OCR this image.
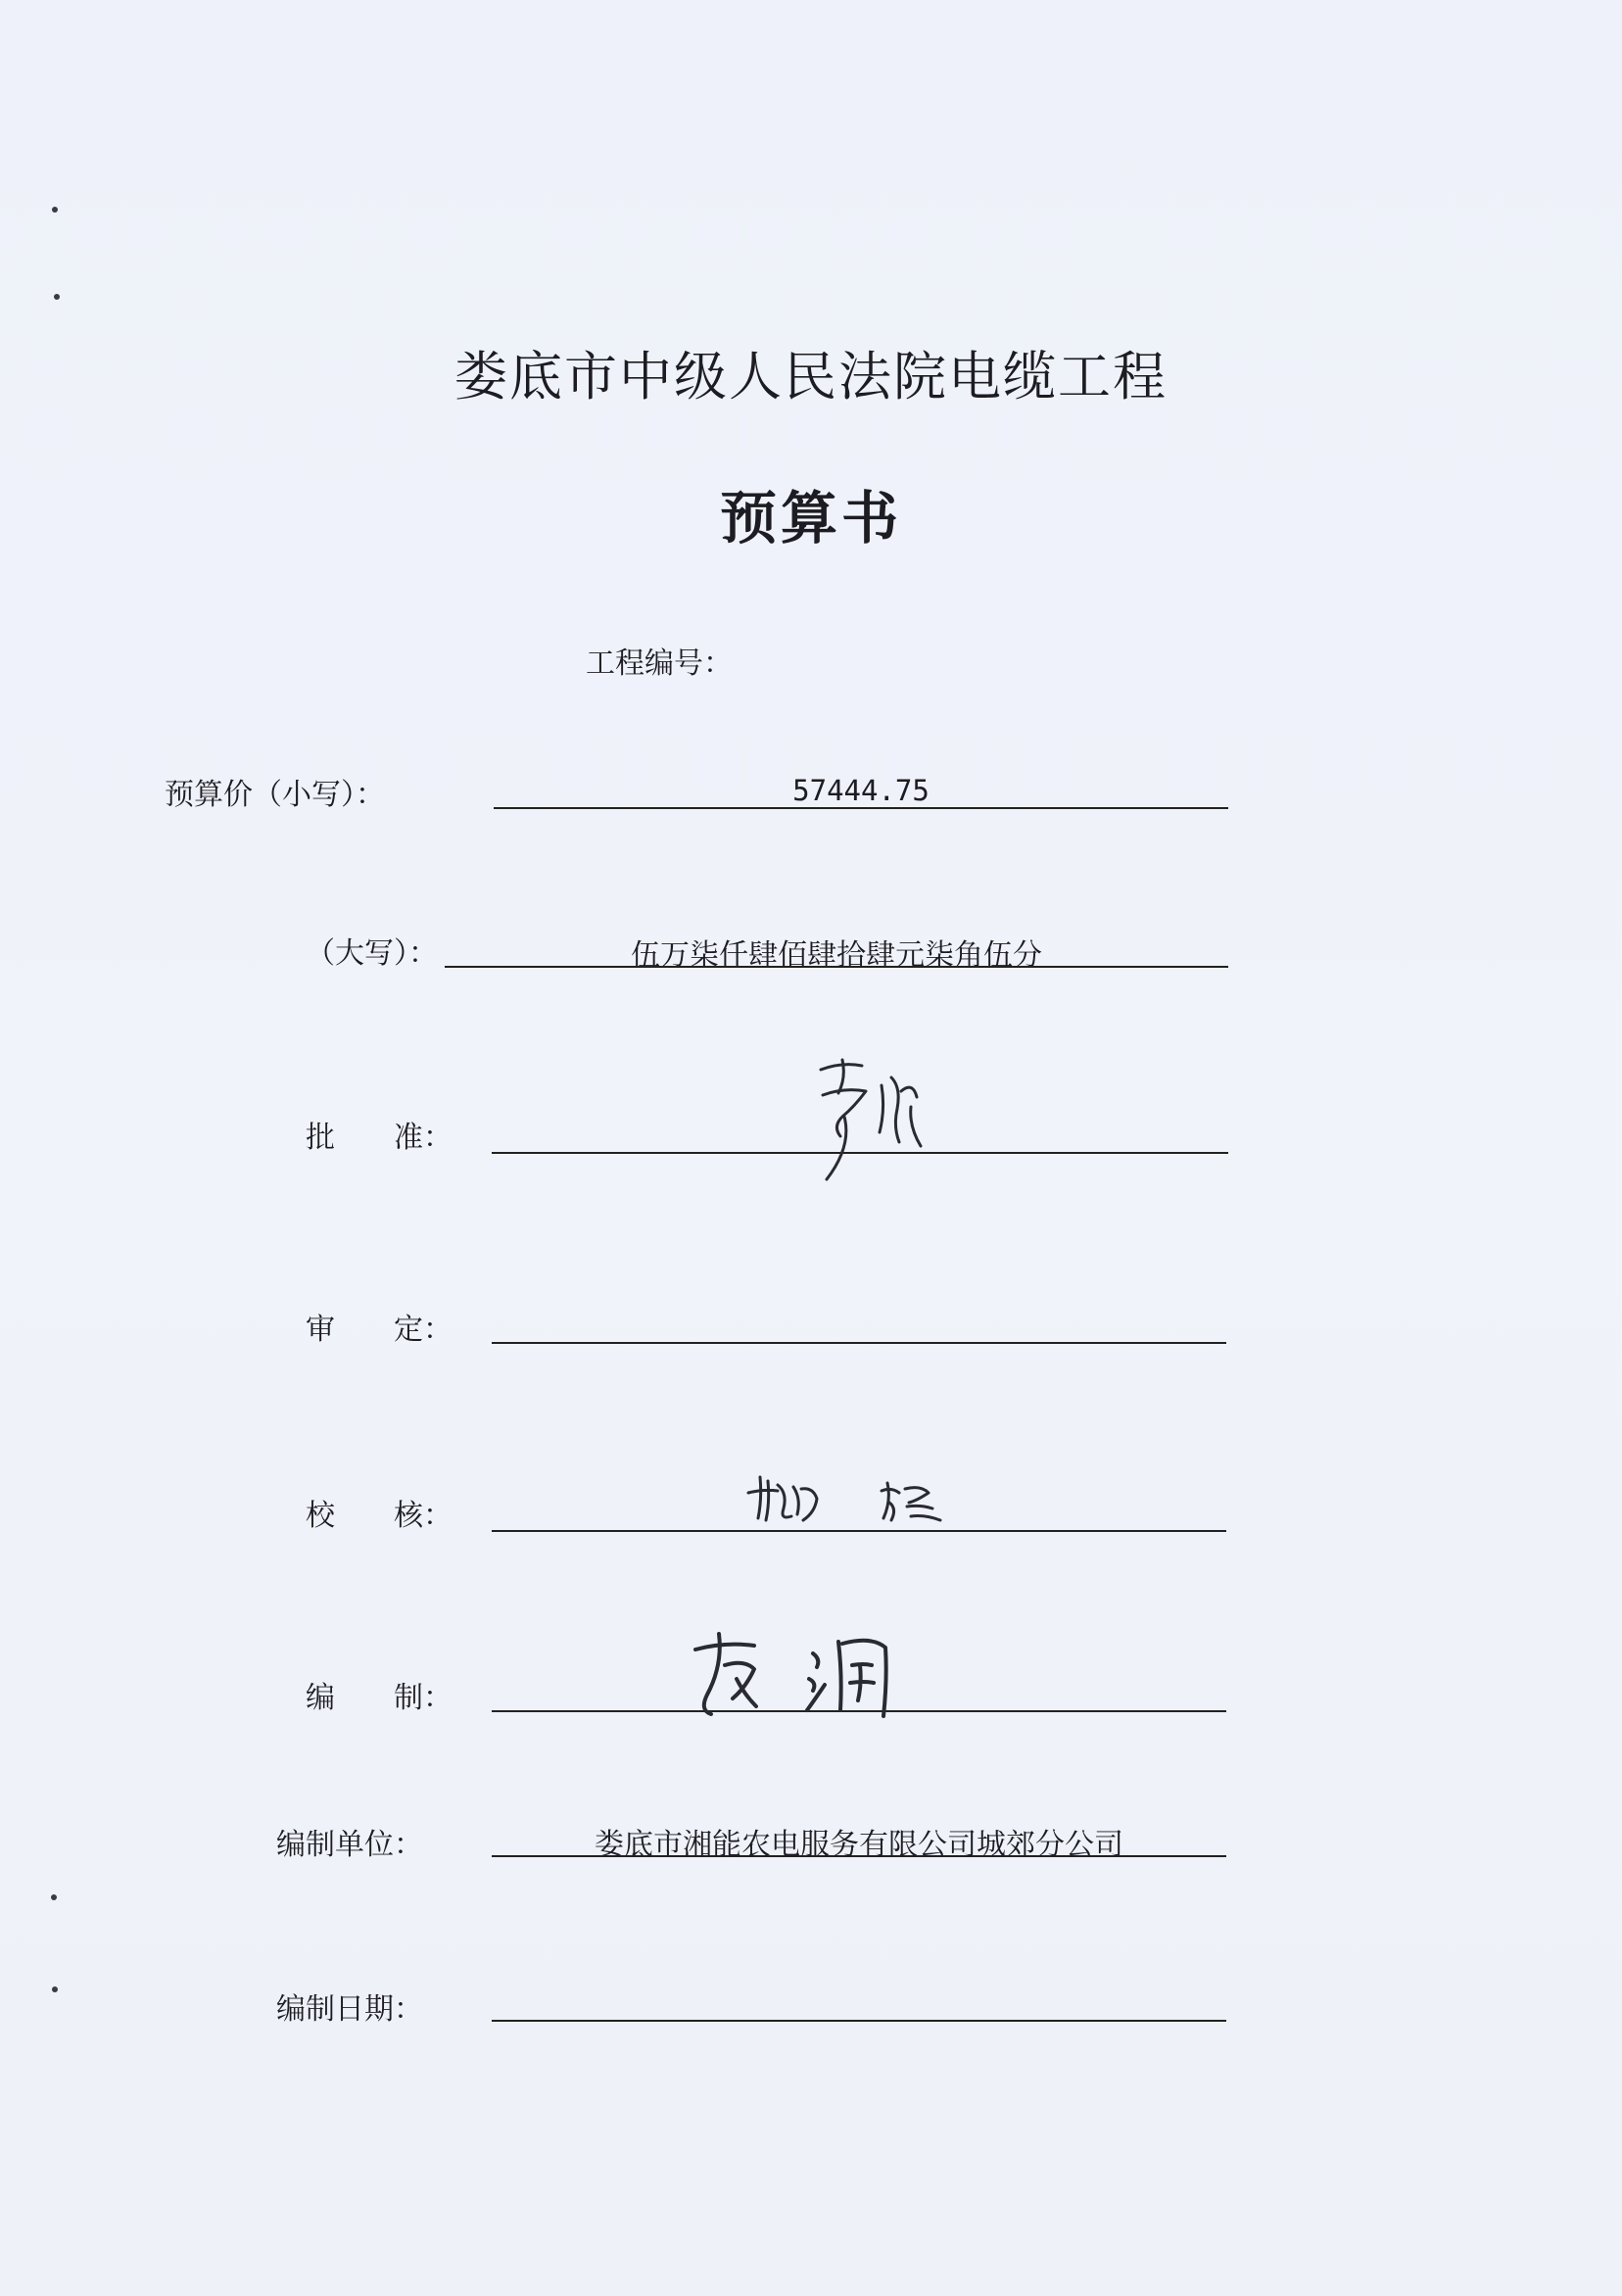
娄底市中级人民法院电缆工程
预算书
工程编号：
预算价（小写）：	57444.75
（大写）：	伍万柒仟肆佰肆拾肆元柒角伍分
批　　准：
审　　定：
校　　核：
编　　制：
编制单位：	娄底市湘能农电服务有限公司城郊分公司
编制日期：
